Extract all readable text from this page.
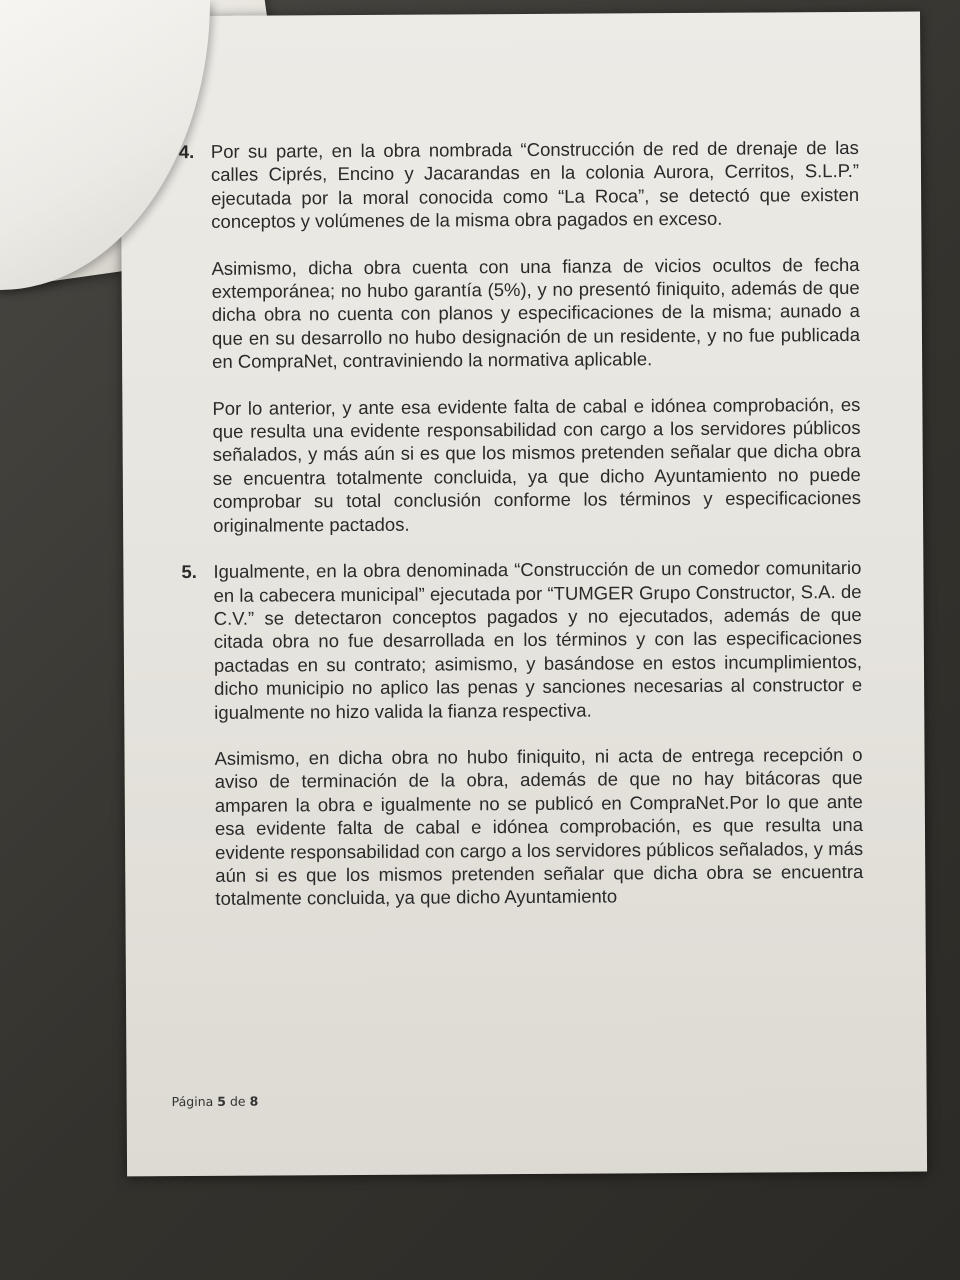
4. Por su parte, en la obra nombrada “Construcción de red de drenaje de las calles Ciprés, Encino y Jacarandas en la colonia Aurora, Cerritos, S.L.P.” ejecutada por la moral conocida como “La Roca”, se detectó que existen conceptos y volúmenes de la misma obra pagados en exceso.

Asimismo, dicha obra cuenta con una fianza de vicios ocultos de fecha extemporánea; no hubo garantía (5%), y no presentó finiquito, además de que dicha obra no cuenta con planos y especificaciones de la misma; aunado a que en su desarrollo no hubo designación de un residente, y no fue publicada en CompraNet, contraviniendo la normativa aplicable.

Por lo anterior, y ante esa evidente falta de cabal e idónea comprobación, es que resulta una evidente responsabilidad con cargo a los servidores públicos señalados, y más aún si es que los mismos pretenden señalar que dicha obra se encuentra totalmente concluida, ya que dicho Ayuntamiento no puede comprobar su total conclusión conforme los términos y especificaciones originalmente pactados.

5. Igualmente, en la obra denominada “Construcción de un comedor comunitario en la cabecera municipal” ejecutada por “TUMGER Grupo Constructor, S.A. de C.V.” se detectaron conceptos pagados y no ejecutados, además de que citada obra no fue desarrollada en los términos y con las especificaciones pactadas en su contrato; asimismo, y basándose en estos incumplimientos, dicho municipio no aplico las penas y sanciones necesarias al constructor e igualmente no hizo valida la fianza respectiva.

Asimismo, en dicha obra no hubo finiquito, ni acta de entrega recepción o aviso de terminación de la obra, además de que no hay bitácoras que amparen la obra e igualmente no se publicó en CompraNet.Por lo que ante esa evidente falta de cabal e idónea comprobación, es que resulta una evidente responsabilidad con cargo a los servidores públicos señalados, y más aún si es que los mismos pretenden señalar que dicha obra se encuentra totalmente concluida, ya que dicho Ayuntamiento

Página 5 de 8
